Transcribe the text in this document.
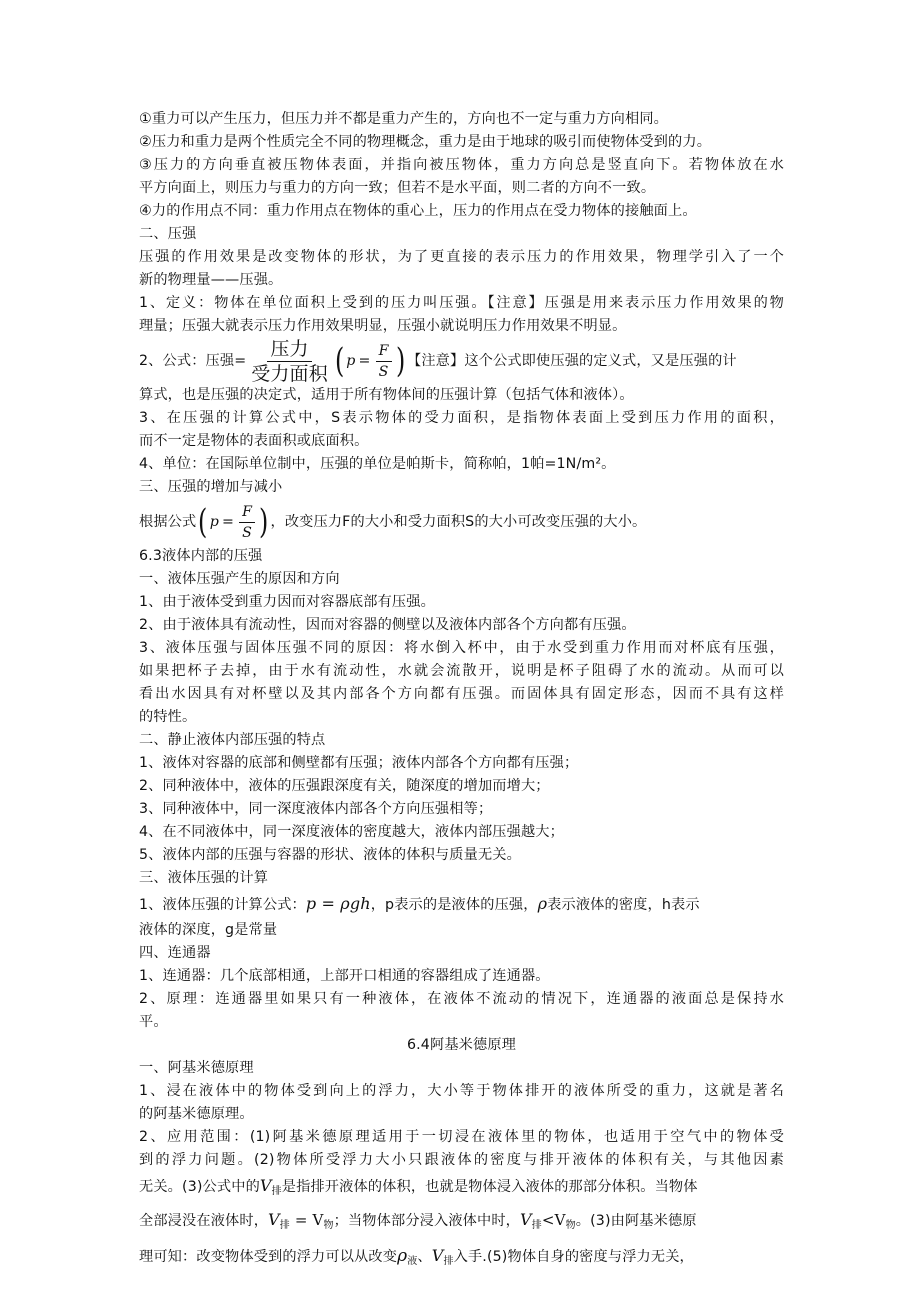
①重力可以产生压力，但压力并不都是重力产生的，方向也不一定与重力方向相同。
②压力和重力是两个性质完全不同的物理概念，重力是由于地球的吸引而使物体受到的力。
③压力的方向垂直被压物体表面，并指向被压物体，重力方向总是竖直向下。若物体放在水
平方向面上，则压力与重力的方向一致；但若不是水平面，则二者的方向不一致。
④力的作用点不同：重力作用点在物体的重心上，压力的作用点在受力物体的接触面上。
二、压强
压强的作用效果是改变物体的形状，为了更直接的表示压力的作用效果，物理学引入了一个
新的物理量——压强。
1、定义：物体在单位面积上受到的压力叫压强。【注意】压强是用来表示压力作用效果的物
理量；压强大就表示压力作用效果明显，压强小就说明压力作用效果不明显。
2、公式：压强= $\frac{\text{压力}}{\text{受力面积}}$ ( $p = \frac{F}{S}$ ) 【注意】这个公式即使压强的定义式，又是压强的计
算式，也是压强的决定式，适用于所有物体间的压强计算（包括气体和液体）。
3、在压强的计算公式中，S表示物体的受力面积，是指物体表面上受到压力作用的面积，
而不一定是物体的表面积或底面积。
4、单位：在国际单位制中，压强的单位是帕斯卡，简称帕，1帕=1N/m²。
三、压强的增加与减小
根据公式 ( $p = \frac{F}{S}$ ) ，改变压力F的大小和受力面积S的大小可改变压强的大小。
6.3液体内部的压强
一、液体压强产生的原因和方向
1、由于液体受到重力因而对容器底部有压强。
2、由于液体具有流动性，因而对容器的侧壁以及液体内部各个方向都有压强。
3、液体压强与固体压强不同的原因：将水倒入杯中，由于水受到重力作用而对杯底有压强，
如果把杯子去掉，由于水有流动性，水就会流散开，说明是杯子阻碍了水的流动。从而可以
看出水因具有对杯壁以及其内部各个方向都有压强。而固体具有固定形态，因而不具有这样
的特性。
二、静止液体内部压强的特点
1、液体对容器的底部和侧壁都有压强；液体内部各个方向都有压强；
2、同种液体中，液体的压强跟深度有关，随深度的增加而增大；
3、同种液体中，同一深度液体内部各个方向压强相等；
4、在不同液体中，同一深度液体的密度越大，液体内部压强越大；
5、液体内部的压强与容器的形状、液体的体积与质量无关。
三、液体压强的计算
1、液体压强的计算公式：p = ρgh，p表示的是液体的压强，ρ表示液体的密度，h表示
液体的深度，g是常量
四、连通器
1、连通器：几个底部相通，上部开口相通的容器组成了连通器。
2、原理：连通器里如果只有一种液体，在液体不流动的情况下，连通器的液面总是保持水
平。
6.4阿基米德原理
一、阿基米德原理
1、浸在液体中的物体受到向上的浮力，大小等于物体排开的液体所受的重力，这就是著名
的阿基米德原理。
2、应用范围：(1)阿基米德原理适用于一切浸在液体里的物体，也适用于空气中的物体受
到的浮力问题。(2)物体所受浮力大小只跟液体的密度与排开液体的体积有关，与其他因素
无关。(3)公式中的$V_排$是指排开液体的体积，也就是物体浸入液体的那部分体积。当物体
全部浸没在液体时，$V_排 = V_物$；当物体部分浸入液体中时，$V_排<V_物$。(3)由阿基米德原
理可知：改变物体受到的浮力可以从改变$\rho_液$、$V_排$入手.(5)物体自身的密度与浮力无关，
